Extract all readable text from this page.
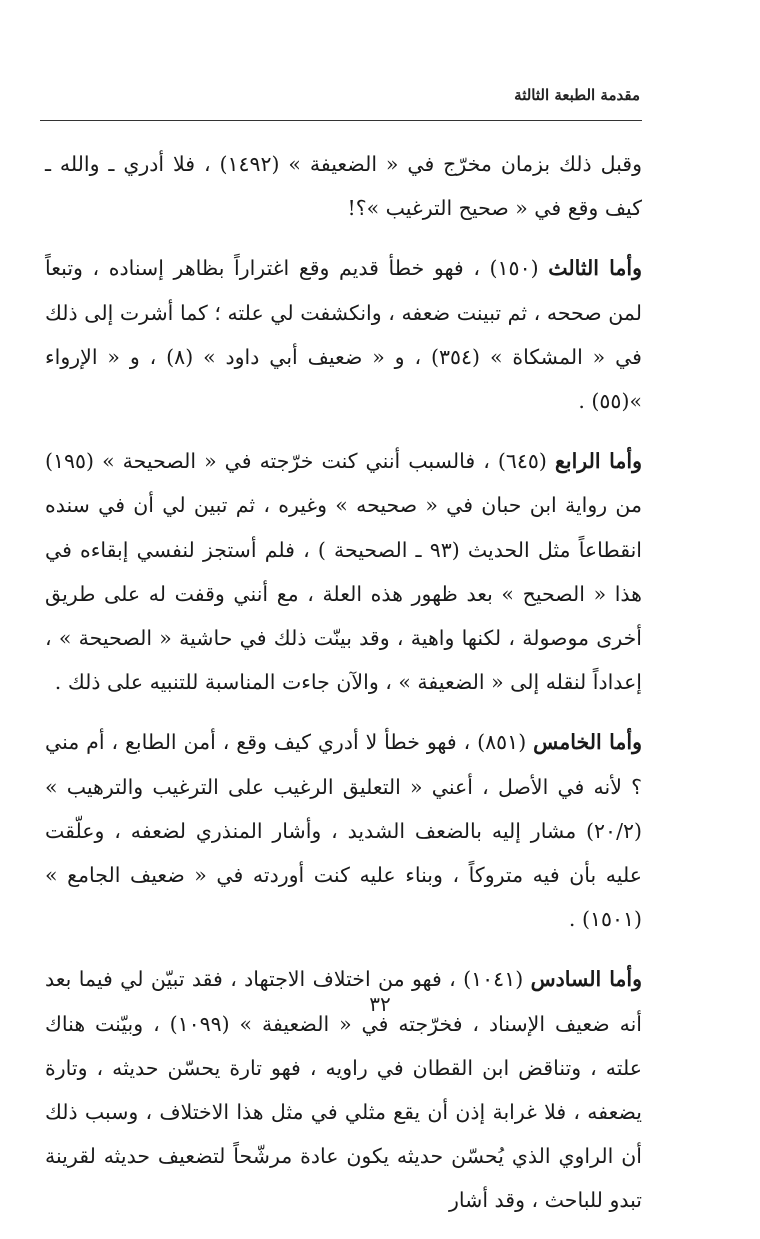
مقدمة الطبعة الثالثة

وقبل ذلك بزمان مخرّج في « الضعيفة » (١٤٩٢) ، فلا أدري ـ والله ـ كيف وقع في « صحيح الترغيب »؟!

وأما الثالث (١٥٠) ، فهو خطأ قديم وقع اغتراراً بظاهر إسناده ، وتبعاً لمن صححه ، ثم تبينت ضعفه ، وانكشفت لي علته ؛ كما أشرت إلى ذلك في « المشكاة » (٣٥٤) ، و « ضعيف أبي داود » (٨) ، و « الإرواء »(٥٥) .

وأما الرابع (٦٤٥) ، فالسبب أنني كنت خرّجته في « الصحيحة » (١٩٥) من رواية ابن حبان في « صحيحه » وغيره ، ثم تبين لي أن في سنده انقطاعاً مثل الحديث (٩٣ ـ الصحيحة ) ، فلم أستجز لنفسي إبقاءه في هذا « الصحيح » بعد ظهور هذه العلة ، مع أنني وقفت له على طريق أخرى موصولة ، لكنها واهية ، وقد بينّت ذلك في حاشية « الصحيحة » ، إعداداً لنقله إلى « الضعيفة » ، والآن جاءت المناسبة للتنبيه على ذلك .

وأما الخامس (٨٥١) ، فهو خطأ لا أدري كيف وقع ، أمن الطابع ، أم مني ؟ لأنه في الأصل ، أعني « التعليق الرغيب على الترغيب والترهيب » (٢٠/٢) مشار إليه بالضعف الشديد ، وأشار المنذري لضعفه ، وعلّقت عليه بأن فيه متروكاً ، وبناء عليه كنت أوردته في « ضعيف الجامع » (١٥٠١) .

وأما السادس (١٠٤١) ، فهو من اختلاف الاجتهاد ، فقد تبيّن لي فيما بعد أنه ضعيف الإسناد ، فخرّجته في « الضعيفة » (١٠٩٩) ، وبيّنت هناك علته ، وتناقض ابن القطان في راويه ، فهو تارة يحسّن حديثه ، وتارة يضعفه ، فلا غرابة إذن أن يقع مثلي في مثل هذا الاختلاف ، وسبب ذلك أن الراوي الذي يُحسّن حديثه يكون عادة مرشّحاً لتضعيف حديثه لقرينة تبدو للباحث ، وقد أشار

٣٢
